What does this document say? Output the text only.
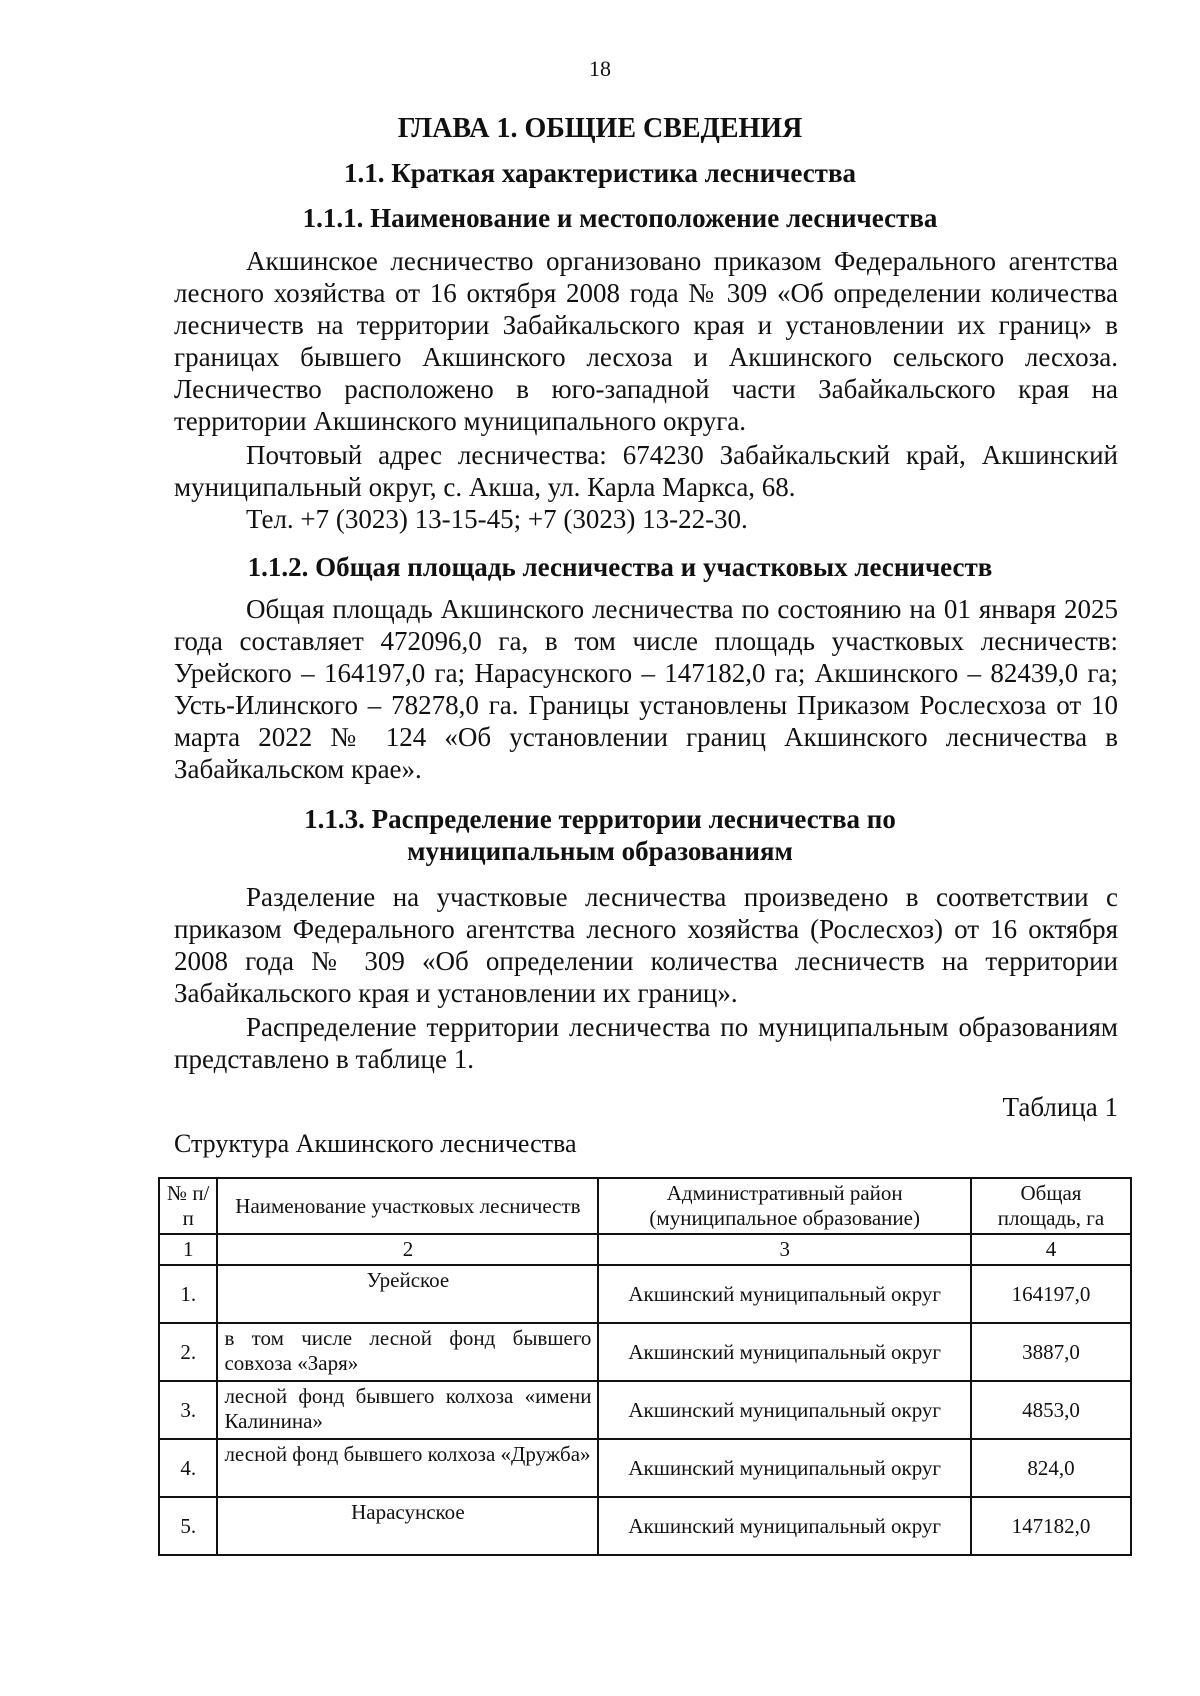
18
ГЛАВА 1. ОБЩИЕ СВЕДЕНИЯ
1.1. Краткая характеристика лесничества
1.1.1. Наименование и местоположение лесничества

Акшинское лесничество организовано приказом Федерального агентства лесного хозяйства от 16 октября 2008 года № 309 «Об определении количества лесничеств на территории Забайкальского края и установлении их границ» в границах бывшего Акшинского лесхоза и Акшинского сельского лесхоза. Лесничество расположено в юго-западной части Забайкальского края на территории Акшинского муниципального округа.

Почтовый адрес лесничества: 674230 Забайкальский край, Акшинский муниципальный округ, с. Акша, ул. Карла Маркса, 68.

Тел. +7 (3023) 13-15-45; +7 (3023) 13-22-30.

1.1.2. Общая площадь лесничества и участковых лесничеств

Общая площадь Акшинского лесничества по состоянию на 01 января 2025 года составляет 472096,0 га, в том числе площадь участковых лесничеств: Урейского – 164197,0 га; Нарасунского – 147182,0 га; Акшинского – 82439,0 га; Усть-Илинского – 78278,0 га. Границы установлены Приказом Рослесхоза от 10 марта 2022 № 124 «Об установлении границ Акшинского лесничества в Забайкальском крае».

1.1.3. Распределение территории лесничества по муниципальным образованиям

Разделение на участковые лесничества произведено в соответствии с приказом Федерального агентства лесного хозяйства (Рослесхоз) от 16 октября 2008 года № 309 «Об определении количества лесничеств на территории Забайкальского края и установлении их границ».

Распределение территории лесничества по муниципальным образованиям представлено в таблице 1.

Таблица 1
Структура Акшинского лесничества
№ п/п	Наименование участковых лесничеств	Административный район (муниципальное образование)	Общая площадь, га
1	2	3	4
1.	Урейское	Акшинский муниципальный округ	164197,0
2.	в том числе лесной фонд бывшего совхоза «Заря»	Акшинский муниципальный округ	3887,0
3.	лесной фонд бывшего колхоза «имени Калинина»	Акшинский муниципальный округ	4853,0
4.	лесной фонд бывшего колхоза «Дружба»	Акшинский муниципальный округ	824,0
5.	Нарасунское	Акшинский муниципальный округ	147182,0
